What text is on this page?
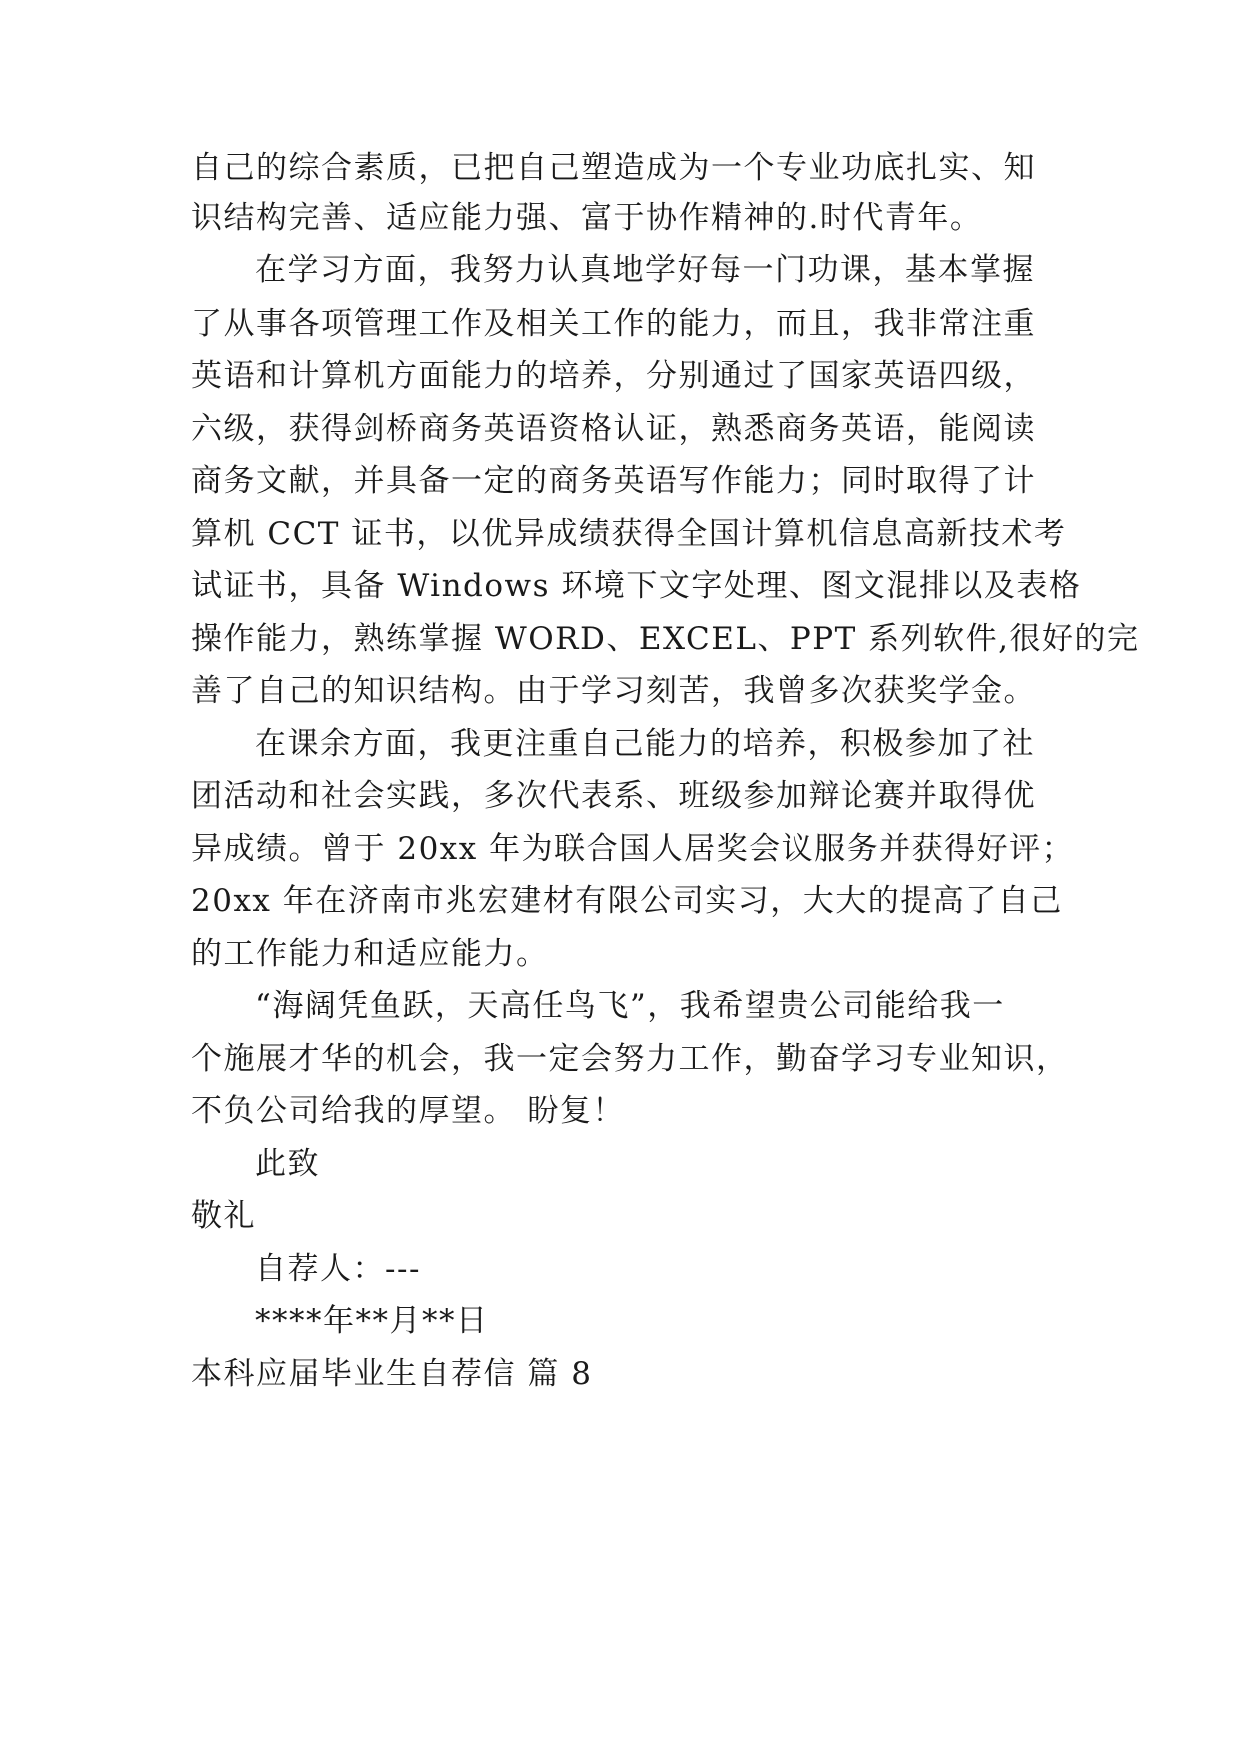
自己的综合素质，已把自己塑造成为一个专业功底扎实、知
识结构完善、适应能力强、富于协作精神的.时代青年。
在学习方面，我努力认真地学好每一门功课，基本掌握
了从事各项管理工作及相关工作的能力，而且，我非常注重
英语和计算机方面能力的培养，分别通过了国家英语四级，
六级，获得剑桥商务英语资格认证，熟悉商务英语，能阅读
商务文献，并具备一定的商务英语写作能力；同时取得了计
算机 CCT 证书，以优异成绩获得全国计算机信息高新技术考
试证书，具备 Windows 环境下文字处理、图文混排以及表格
操作能力，熟练掌握 WORD、EXCEL、PPT 系列软件,很好的完
善了自己的知识结构。由于学习刻苦，我曾多次获奖学金。
在课余方面，我更注重自己能力的培养，积极参加了社
团活动和社会实践，多次代表系、班级参加辩论赛并取得优
异成绩。曾于 20xx 年为联合国人居奖会议服务并获得好评；
20xx 年在济南市兆宏建材有限公司实习，大大的提高了自己
的工作能力和适应能力。
“海阔凭鱼跃，天高任鸟飞”，我希望贵公司能给我一
个施展才华的机会，我一定会努力工作，勤奋学习专业知识，
不负公司给我的厚望。 盼复！
此致
敬礼
自荐人：---
****年**月**日
本科应届毕业生自荐信 篇 8
